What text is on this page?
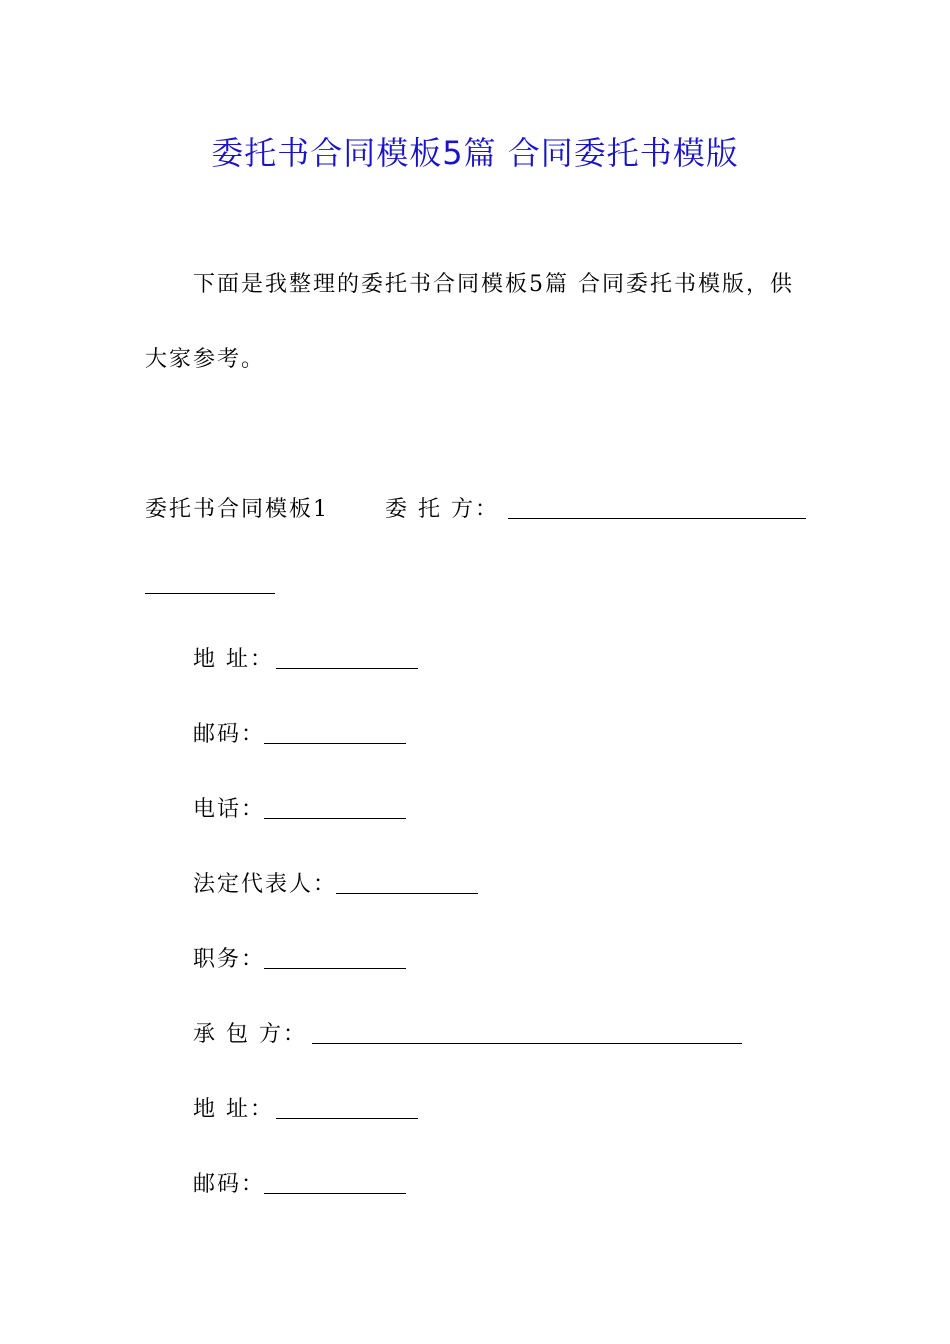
委托书合同模板5篇 合同委托书模版
下面是我整理的委托书合同模板5篇 合同委托书模版，供
大家参考。
委托书合同模板1	委 托 方：
地 址：
邮码：
电话：
法定代表人：
职务：
承 包 方：
地 址：
邮码：
